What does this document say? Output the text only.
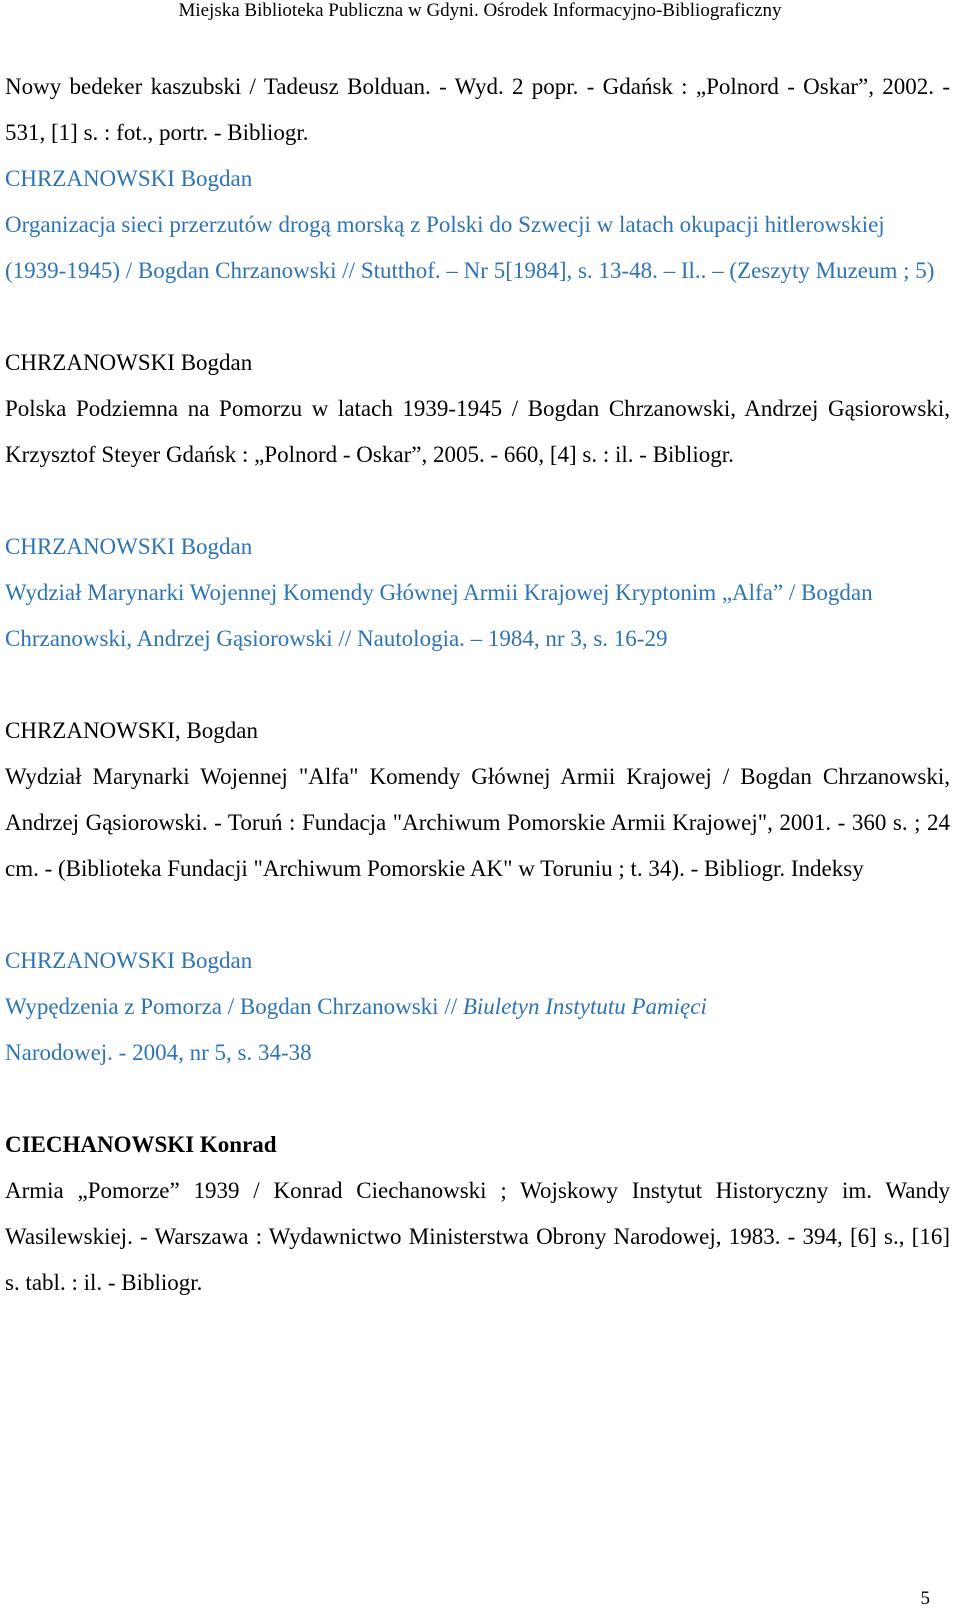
Miejska Biblioteka Publiczna w Gdyni. Ośrodek Informacyjno-Bibliograficzny

Nowy bedeker kaszubski / Tadeusz Bolduan. - Wyd. 2 popr. - Gdańsk : „Polnord - Oskar”, 2002. - 531, [1] s. : fot., portr. - Bibliogr.

CHRZANOWSKI Bogdan
Organizacja sieci przerzutów drogą morską z Polski do Szwecji w latach okupacji hitlerowskiej (1939-1945) / Bogdan Chrzanowski // Stutthof. – Nr 5[1984], s. 13-48. – Il.. – (Zeszyty Muzeum ; 5)

CHRZANOWSKI Bogdan
Polska Podziemna na Pomorzu w latach 1939-1945 / Bogdan Chrzanowski, Andrzej Gąsiorowski, Krzysztof Steyer Gdańsk : „Polnord - Oskar”, 2005. - 660, [4] s. : il. - Bibliogr.

CHRZANOWSKI Bogdan
Wydział Marynarki Wojennej Komendy Głównej Armii Krajowej Kryptonim „Alfa” / Bogdan Chrzanowski, Andrzej Gąsiorowski // Nautologia. – 1984, nr 3, s. 16-29

CHRZANOWSKI, Bogdan
Wydział Marynarki Wojennej "Alfa" Komendy Głównej Armii Krajowej / Bogdan Chrzanowski, Andrzej Gąsiorowski. - Toruń : Fundacja "Archiwum Pomorskie Armii Krajowej", 2001. - 360 s. ; 24 cm. - (Biblioteka Fundacji "Archiwum Pomorskie AK" w Toruniu ; t. 34). - Bibliogr. Indeksy

CHRZANOWSKI Bogdan
Wypędzenia z Pomorza / Bogdan Chrzanowski // Biuletyn Instytutu Pamięci
Narodowej. - 2004, nr 5, s. 34-38

CIECHANOWSKI Konrad
Armia „Pomorze” 1939 / Konrad Ciechanowski ; Wojskowy Instytut Historyczny im. Wandy Wasilewskiej. - Warszawa : Wydawnictwo Ministerstwa Obrony Narodowej, 1983. - 394, [6] s., [16] s. tabl. : il. - Bibliogr.

5
